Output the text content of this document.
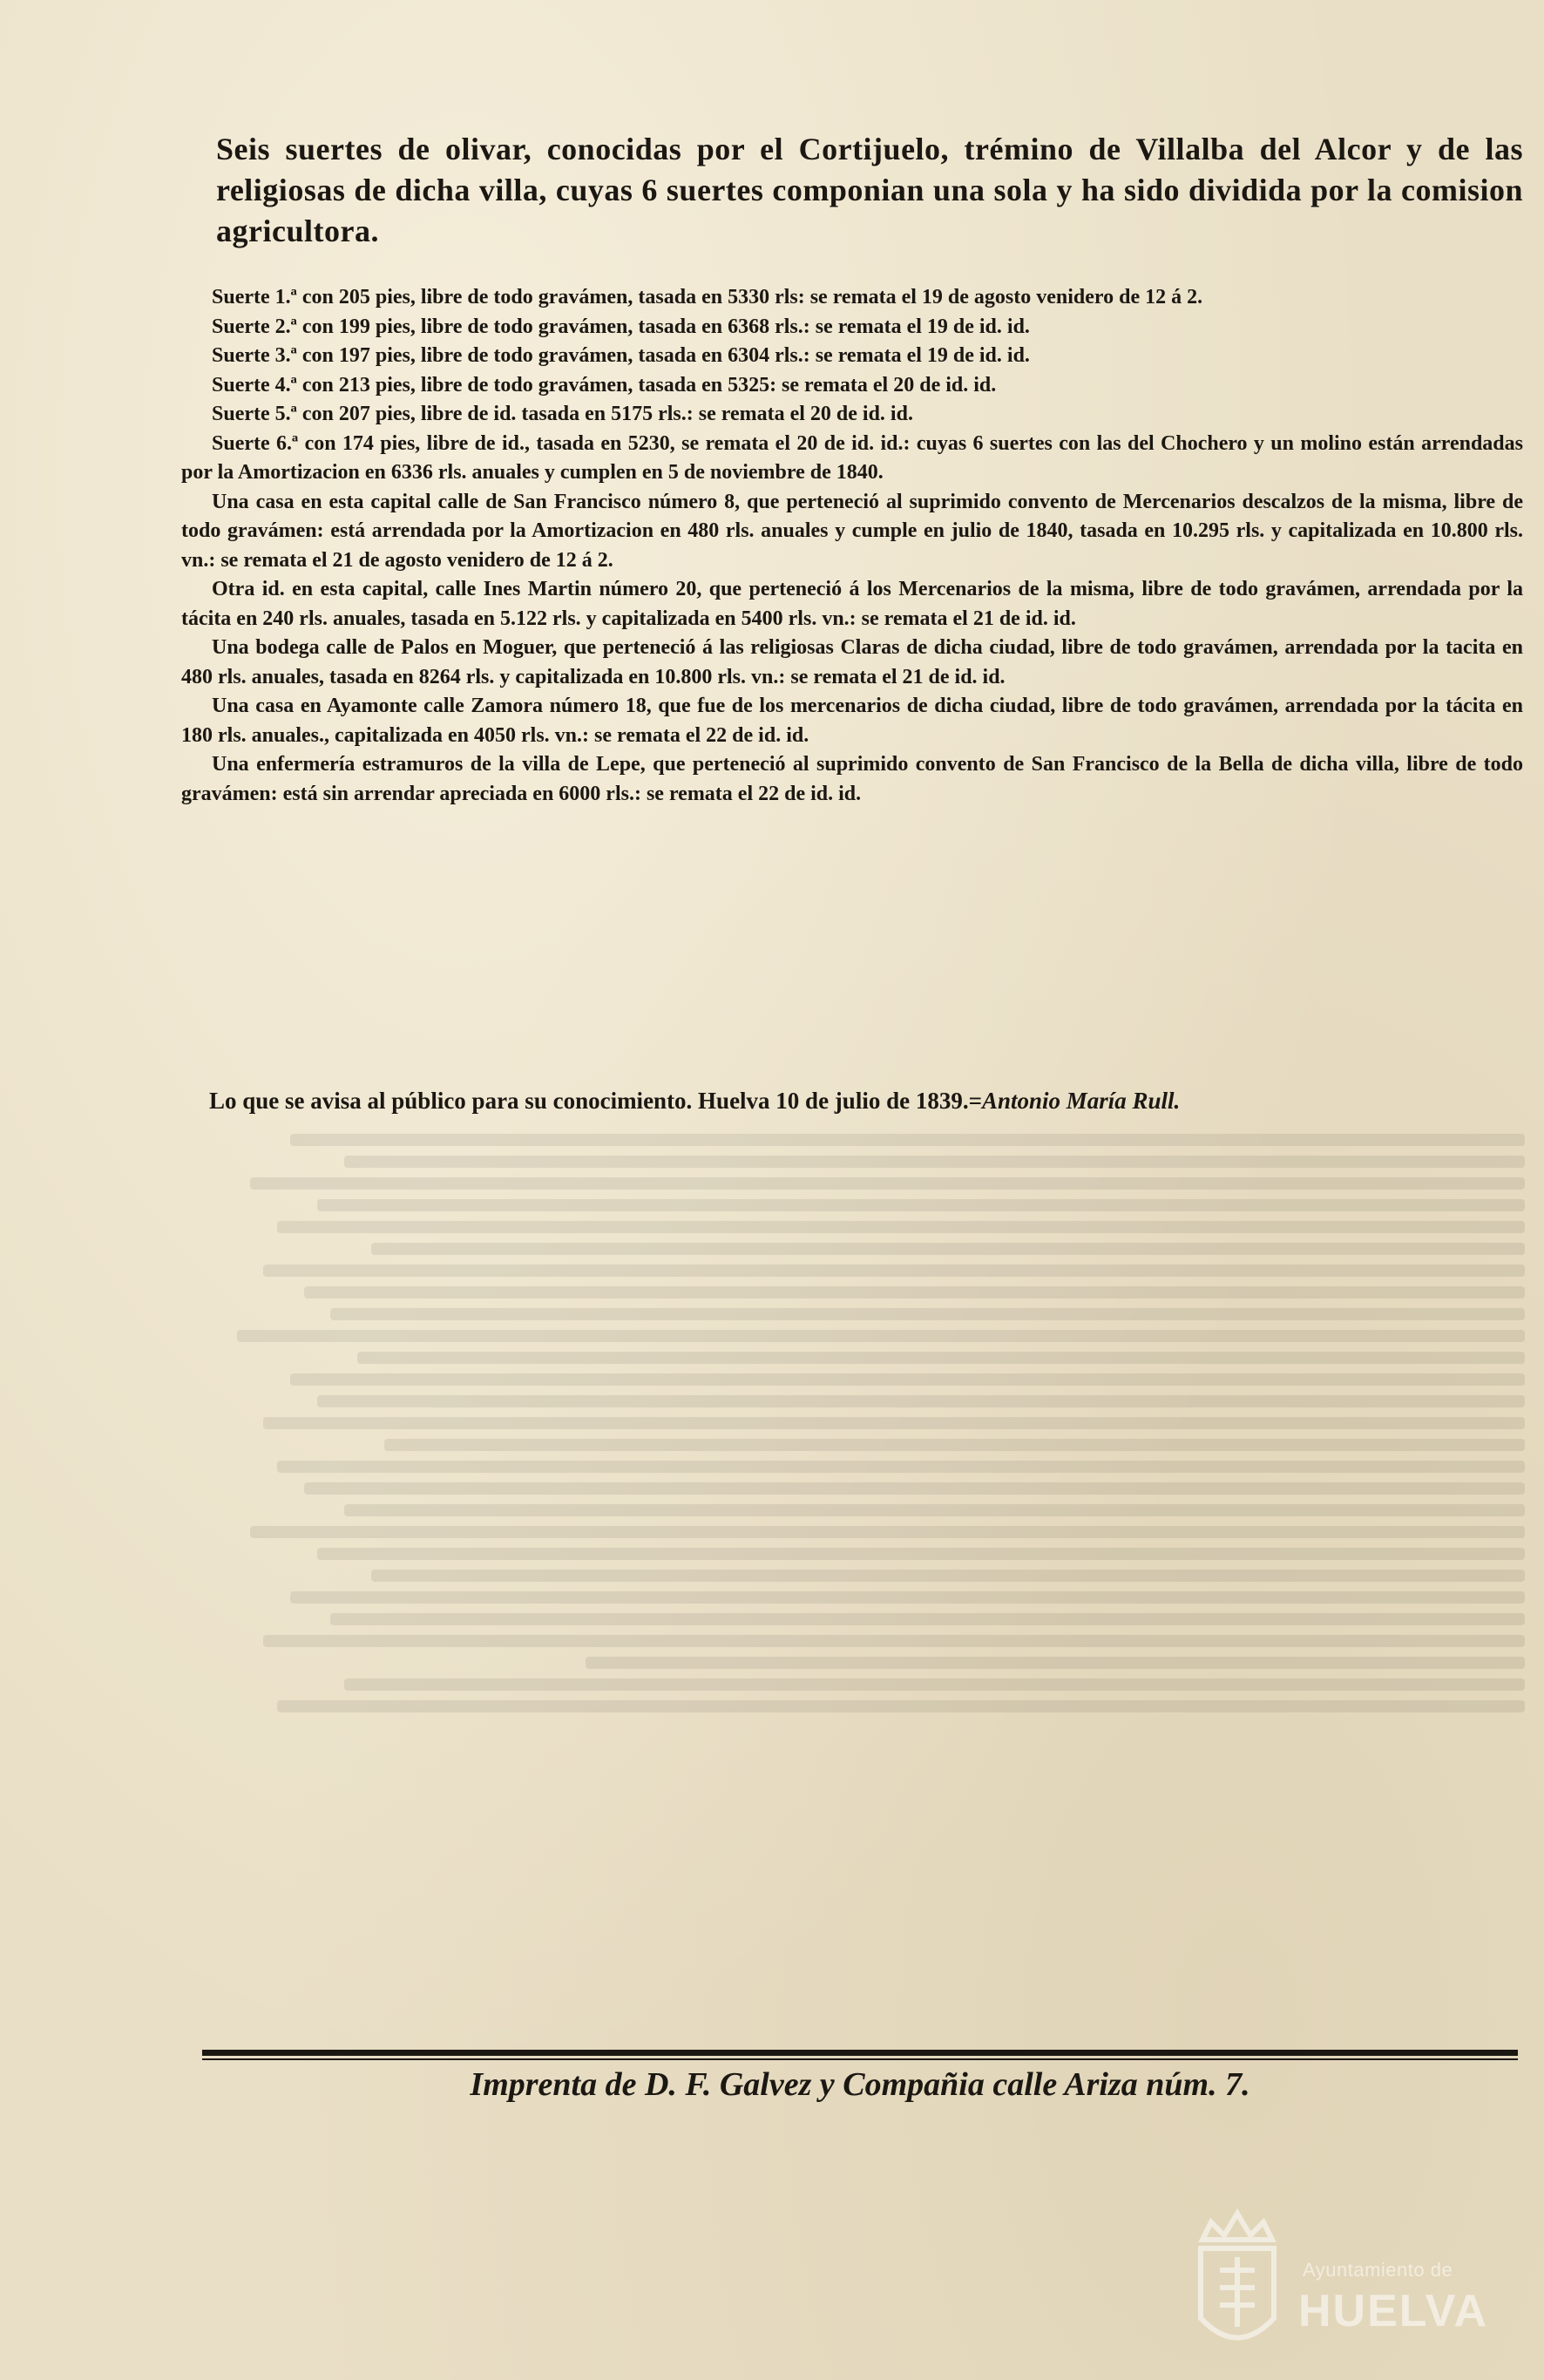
Seis suertes de olivar, conocidas por el Cortijuelo, trémino de Villalba del Alcor y de las religiosas de dicha villa, cuyas 6 suertes componian una sola y ha sido dividida por la comision agricultora.

Suerte 1.ª con 205 pies, libre de todo gravámen, tasada en 5330 rls: se remata el 19 de agosto venidero de 12 á 2.

Suerte 2.ª con 199 pies, libre de todo gravámen, tasada en 6368 rls.: se remata el 19 de id. id.

Suerte 3.ª con 197 pies, libre de todo gravámen, tasada en 6304 rls.: se remata el 19 de id. id.

Suerte 4.ª con 213 pies, libre de todo gravámen, tasada en 5325: se remata el 20 de id. id.

Suerte 5.ª con 207 pies, libre de id. tasada en 5175 rls.: se remata el 20 de id. id.

Suerte 6.ª con 174 pies, libre de id., tasada en 5230, se remata el 20 de id. id.: cuyas 6 suertes con las del Chochero y un molino están arrendadas por la Amortizacion en 6336 rls. anuales y cumplen en 5 de noviembre de 1840.

Una casa en esta capital calle de San Francisco número 8, que perteneció al suprimido convento de Mercenarios descalzos de la misma, libre de todo gravámen: está arrendada por la Amortizacion en 480 rls. anuales y cumple en julio de 1840, tasada en 10.295 rls. y capitalizada en 10.800 rls. vn.: se remata el 21 de agosto venidero de 12 á 2.

Otra id. en esta capital, calle Ines Martin número 20, que perteneció á los Mercenarios de la misma, libre de todo gravámen, arrendada por la tácita en 240 rls. anuales, tasada en 5.122 rls. y capitalizada en 5400 rls. vn.: se remata el 21 de id. id.

Una bodega calle de Palos en Moguer, que perteneció á las religiosas Claras de dicha ciudad, libre de todo gravámen, arrendada por la tacita en 480 rls. anuales, tasada en 8264 rls. y capitalizada en 10.800 rls. vn.: se remata el 21 de id. id.

Una casa en Ayamonte calle Zamora número 18, que fue de los mercenarios de dicha ciudad, libre de todo gravámen, arrendada por la tácita en 180 rls. anuales., capitalizada en 4050 rls. vn.: se remata el 22 de id. id.

Una enfermería estramuros de la villa de Lepe, que perteneció al suprimido convento de San Francisco de la Bella de dicha villa, libre de todo gravámen: está sin arrendar apreciada en 6000 rls.: se remata el 22 de id. id.

Lo que se avisa al público para su conocimiento. Huelva 10 de julio de 1839.=Antonio María Rull.
Imprenta de D. F. Galvez y Compañia calle Ariza núm. 7.
Ayuntamiento de
HUELVA
